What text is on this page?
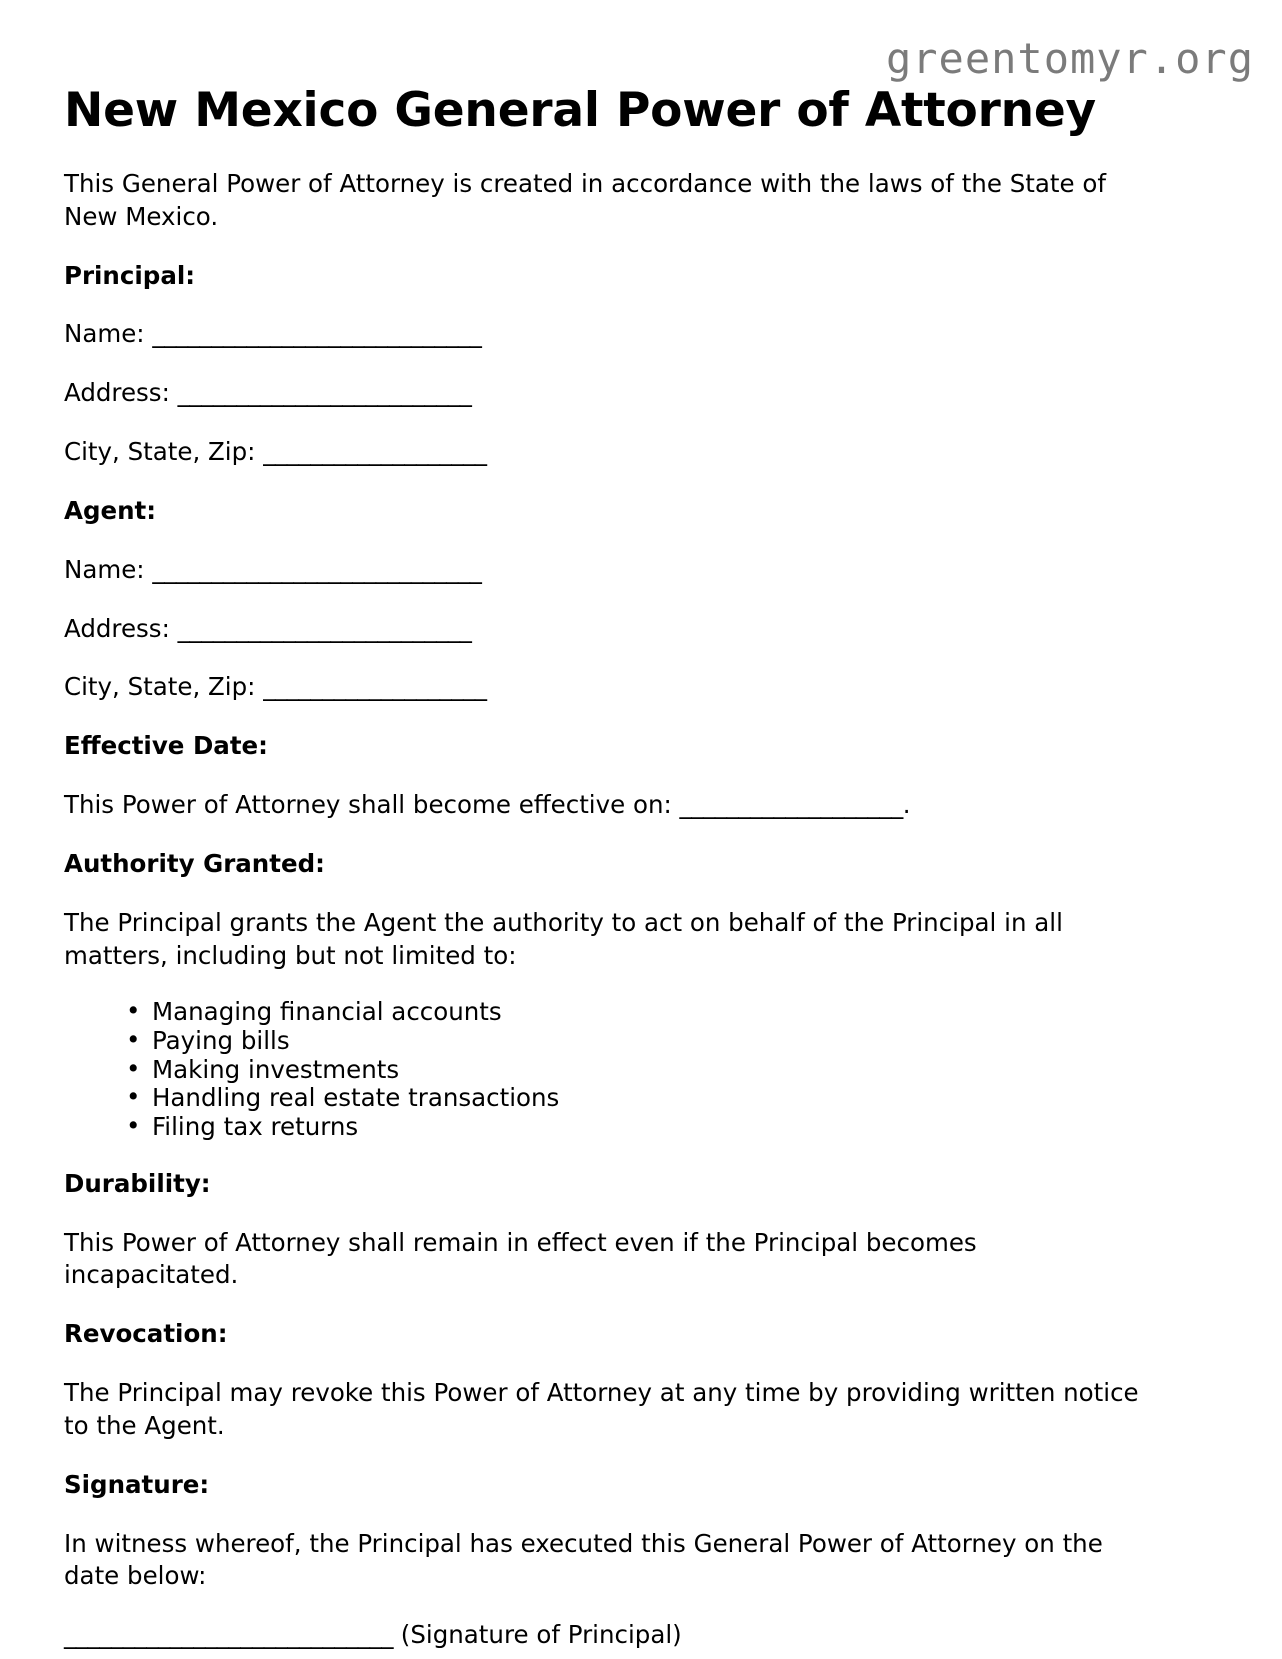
greentomyr.org
New Mexico General Power of Attorney

This General Power of Attorney is created in accordance with the laws of the State of New Mexico.

Principal:

Name: ____________________________

Address: _________________________

City, State, Zip: ___________________

Agent:

Name: ____________________________

Address: _________________________

City, State, Zip: ___________________

Effective Date:

This Power of Attorney shall become effective on: ___________________.

Authority Granted:

The Principal grants the Agent the authority to act on behalf of the Principal in all matters, including but not limited to:

• Managing financial accounts
• Paying bills
• Making investments
• Handling real estate transactions
• Filing tax returns

Durability:

This Power of Attorney shall remain in effect even if the Principal becomes incapacitated.

Revocation:

The Principal may revoke this Power of Attorney at any time by providing written notice to the Agent.

Signature:

In witness whereof, the Principal has executed this General Power of Attorney on the date below:

____________________________ (Signature of Principal)
